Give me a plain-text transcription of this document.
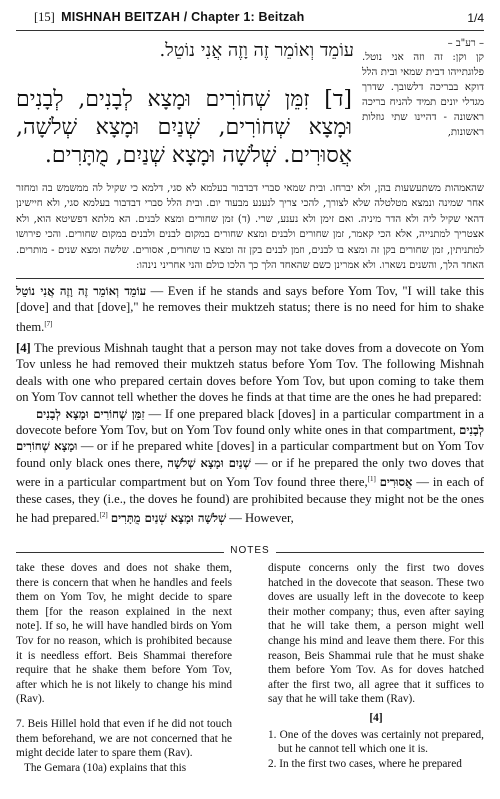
[15] MISHNAH BEITZAH / Chapter 1: Beitzah	1/4
– רע"ב –
קן וקן: זה וזה אני נוטל. פלוגתייהו דבית שמאי ובית הלל דוקא בבריכה דלשובך. שדרך מגדלי יונים תמיד להניח בריכה ראשונה - דהיינו שתי גוזלות ראשונות,
עוֹמֵד וְאוֹמֵר זֶה וָזֶה אֲנִי נוֹטֵל.
[ד] זִמֵּן שְׁחוֹרִים וּמָצָא לְבָנִים, לְבָנִים וּמָצָא שְׁחוֹרִים, שְׁנַיִם וּמָצָא שְׁלֹשָׁה, אֲסוּרִים. שְׁלֹשָׁה וּמָצָא שְׁנַיִם, מֻתָּרִים.
שהאמהות משתעשעות בהן, ולא יברחו. ובית שמאי סברי דבדבור בעלמא לא סגי, דלמא כי שקיל לה ממשמש בה ומחזר אחר שמינה ונמצא מטלטלה שלא לצורך, להכי צריך לנענע מבעוד יום. ובית הלל סברי דבדבור בעלמא סגי, ולא חיישינן דהאי שקיל ליה ולא הדר מיניה. ואם זימן ולא נענע, שרי. (ד) זמן שחורים ומצא לבנים. הא מלתא דפשיטא הוא, ולא אצטריך למתנייה, אלא הכי קאמר, זמן שחורים ולבנים ומצא שחורים במקום לבנים ולבנים במקום שחורים. והכי פירושו למתניתין, זמן שחורים בקן זה ומצא בו לבנים, וזמן לבנים בקן זה ומצא בו שחורים, אסורים. שלשה ומצא שנים - מותרים. האחד הלך, והשנים נשארו. ולא אמרינן כשם שהאחד הלך כך הלכו כולם והני אחריני נינהו:
עוֹמֵד וְאוֹמֵר זֶה וָזֶה אֲנִי נוֹטֵל — Even if he stands and says before Yom Tov, "I will take this [dove] and that [dove]," he removes their muktzeh status; there is no need for him to shake them.[7]
[4] The previous Mishnah taught that a person may not take doves from a dovecote on Yom Tov unless he had removed their muktzeh status before Yom Tov. The following Mishnah deals with one who prepared certain doves before Yom Tov, but upon coming to take them on Yom Tov cannot tell whether the doves he finds at that time are the ones he had prepared:
זִמֵּן שְׁחוֹרִים וּמָצָא לְבָנִים — If one prepared black [doves] in a particular compartment in a dovecote before Yom Tov, but on Yom Tov found only white ones in that compartment, לְבָנִים וּמָצָא שְׁחוֹרִים — or if he prepared white [doves] in a particular compartment but on Yom Tov found only black ones there, שְׁנַיִם וּמָצָא שְׁלֹשָׁה — or if he prepared the only two doves that were in a particular compartment but on Yom Tov found three there,[1] אֲסוּרִים — in each of these cases, they (i.e., the doves he found) are prohibited because they might not be the ones he had prepared.[2] שְׁלֹשָׁה וּמָצָא שְׁנַיִם מֻתָּרִים — However,
NOTES

take these doves and does not shake them, there is concern that when he handles and feels them on Yom Tov, he might decide to spare them [for the reason explained in the next note]. If so, he will have handled birds on Yom Tov for no reason, which is prohibited because it is needless effort. Beis Shammai therefore require that he shake them before Yom Tov, after which he is not likely to change his mind (Rav).

7. Beis Hillel hold that even if he did not touch them beforehand, we are not concerned that he might decide later to spare them (Rav).

The Gemara (10a) explains that this

dispute concerns only the first two doves hatched in the dovecote that season. These two doves are usually left in the dovecote to keep their mother company; thus, even after saying that he will take them, a person might well change his mind and leave them there. For this reason, Beis Shammai rule that he must shake them before Yom Tov. As for doves hatched after the first two, all agree that it suffices to say that he will take them (Rav).

[4]

1. One of the doves was certainly not prepared, but he cannot tell which one it is.

2. In the first two cases, where he prepared
